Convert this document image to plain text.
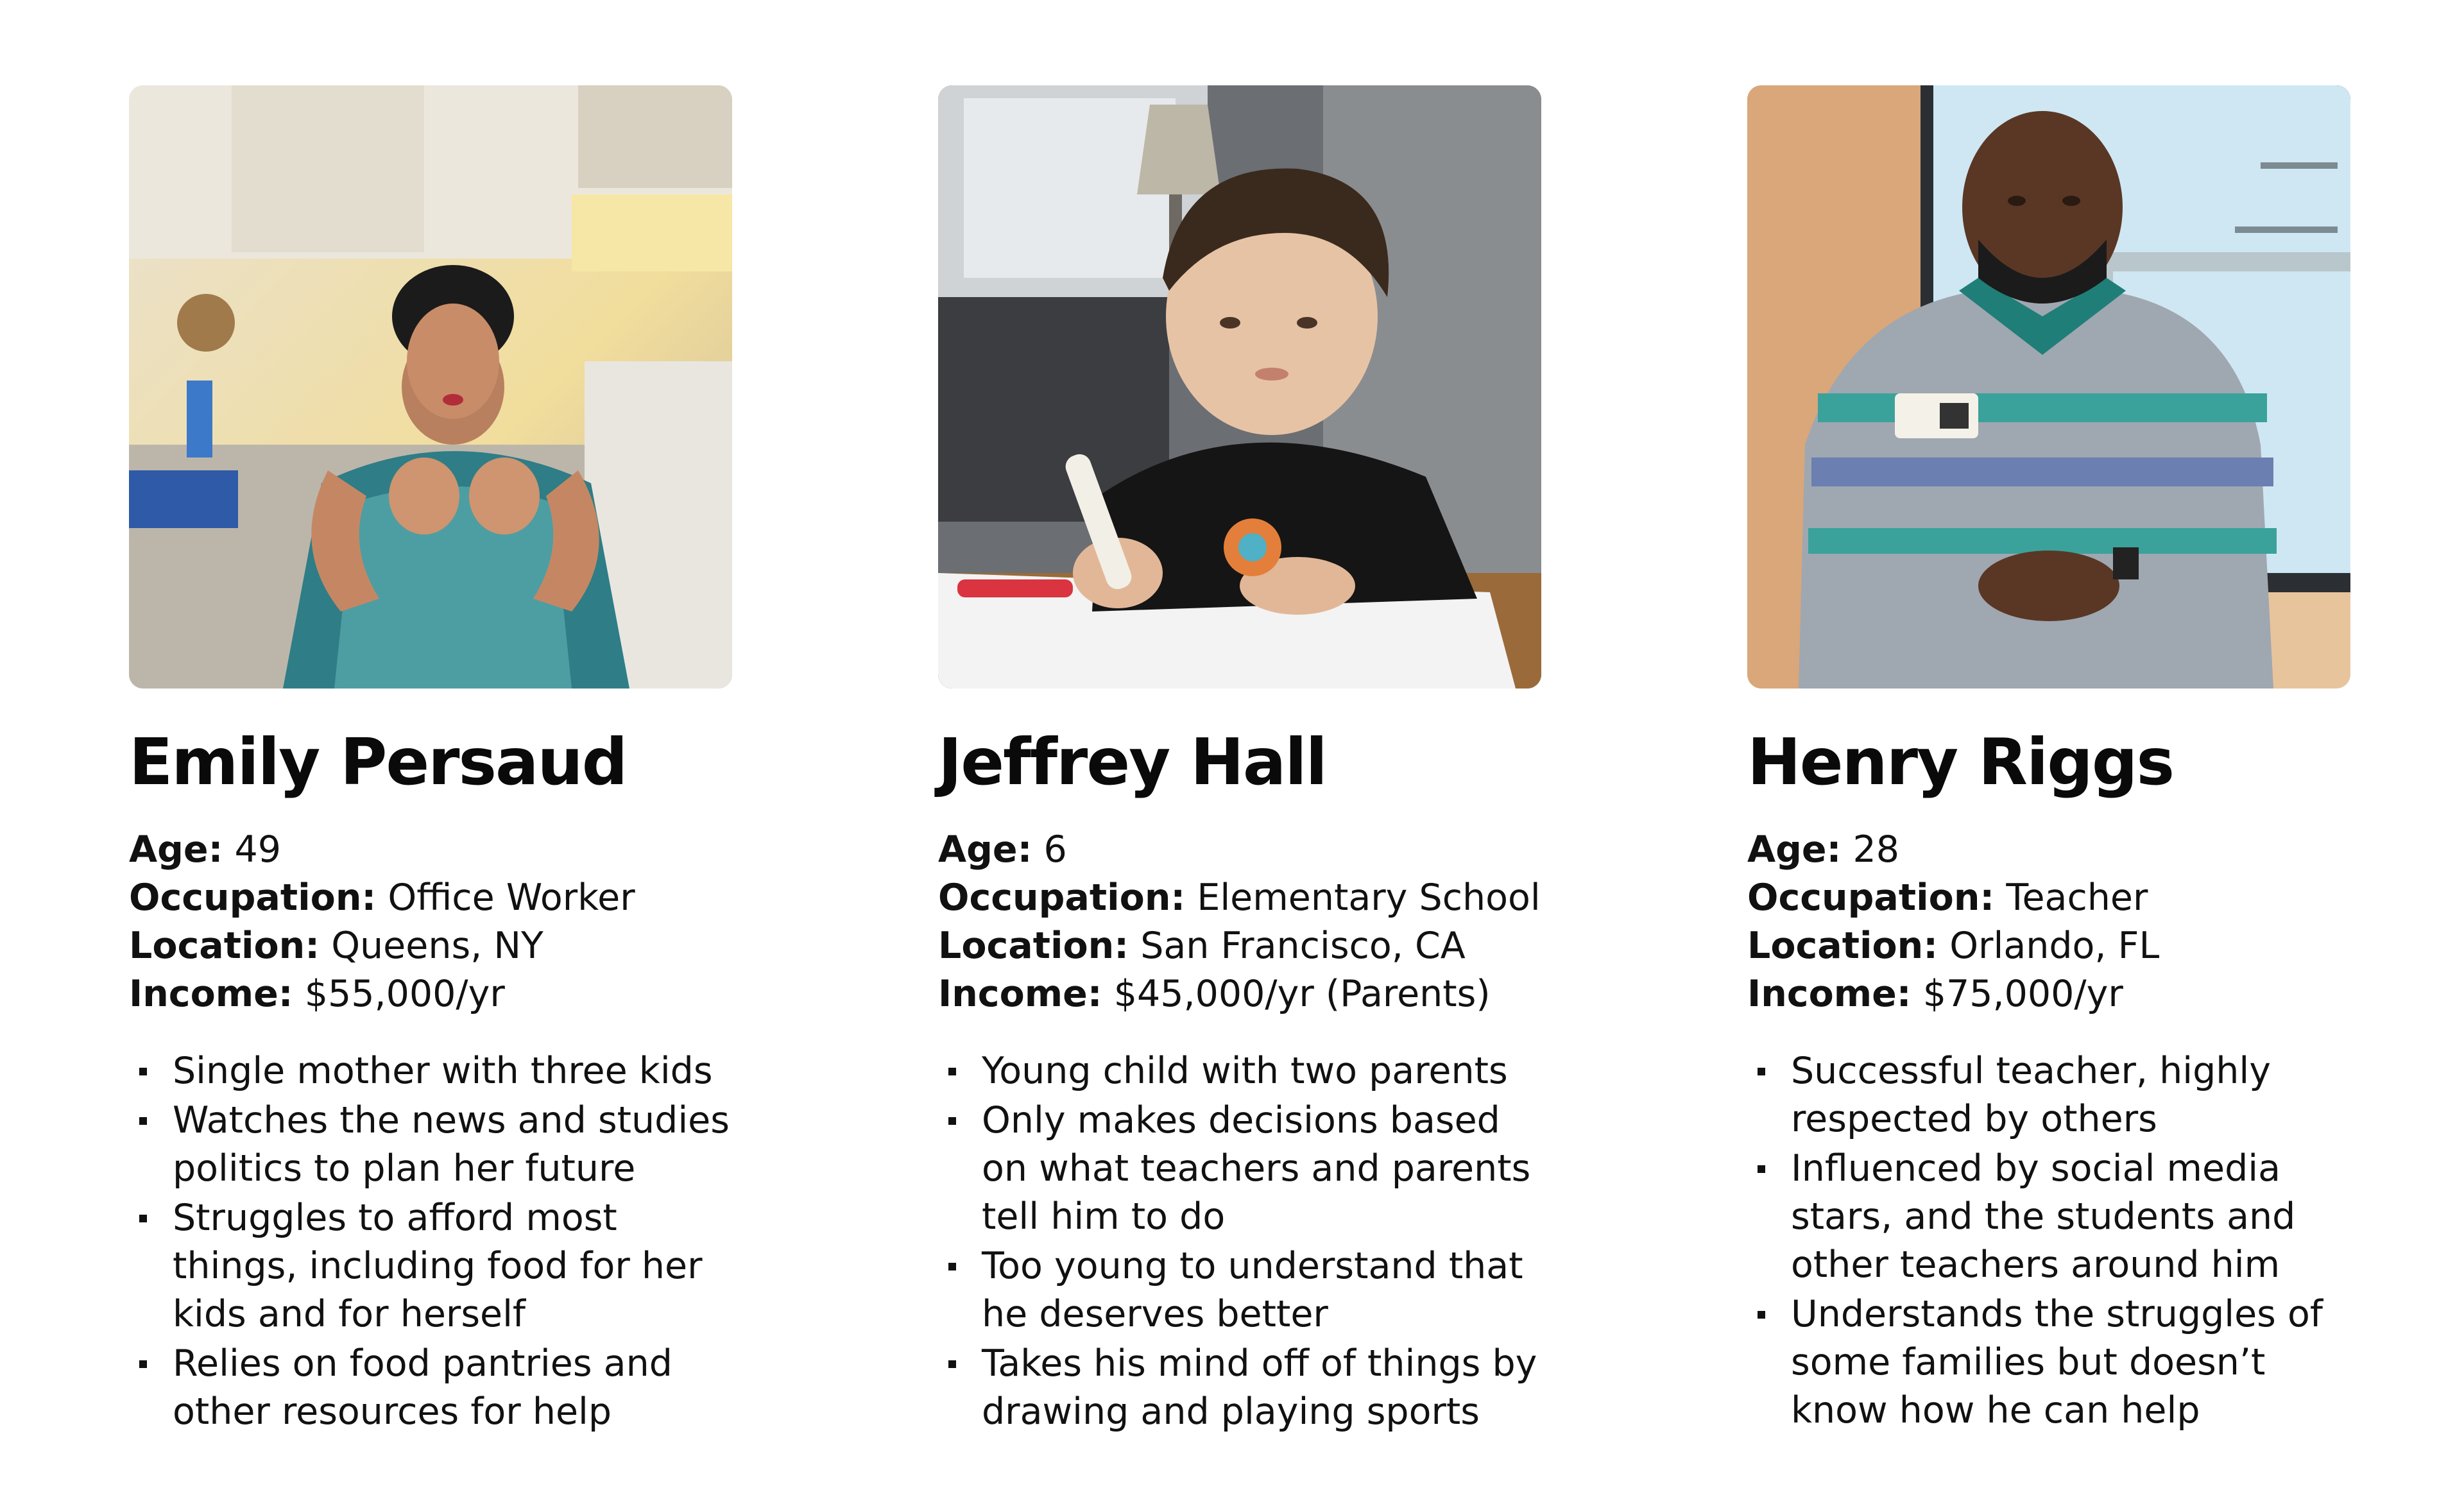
Emily Persaud
Age: 49
Occupation: Office Worker
Location: Queens, NY
Income: $55,000/yr
Single mother with three kids
Watches the news and studies politics to plan her future
Struggles to afford most things, including food for her kids and for herself
Relies on food pantries and other resources for help
Jeffrey Hall
Age: 6
Occupation: Elementary School
Location: San Francisco, CA
Income: $45,000/yr (Parents)
Young child with two parents
Only makes decisions based on what teachers and parents tell him to do
Too young to understand that he deserves better
Takes his mind off of things by drawing and playing sports
Henry Riggs
Age: 28
Occupation: Teacher
Location: Orlando, FL
Income: $75,000/yr
Successful teacher, highly respected by others
Influenced by social media stars, and the students and other teachers around him
Understands the struggles of some families but doesn’t know how he can help
